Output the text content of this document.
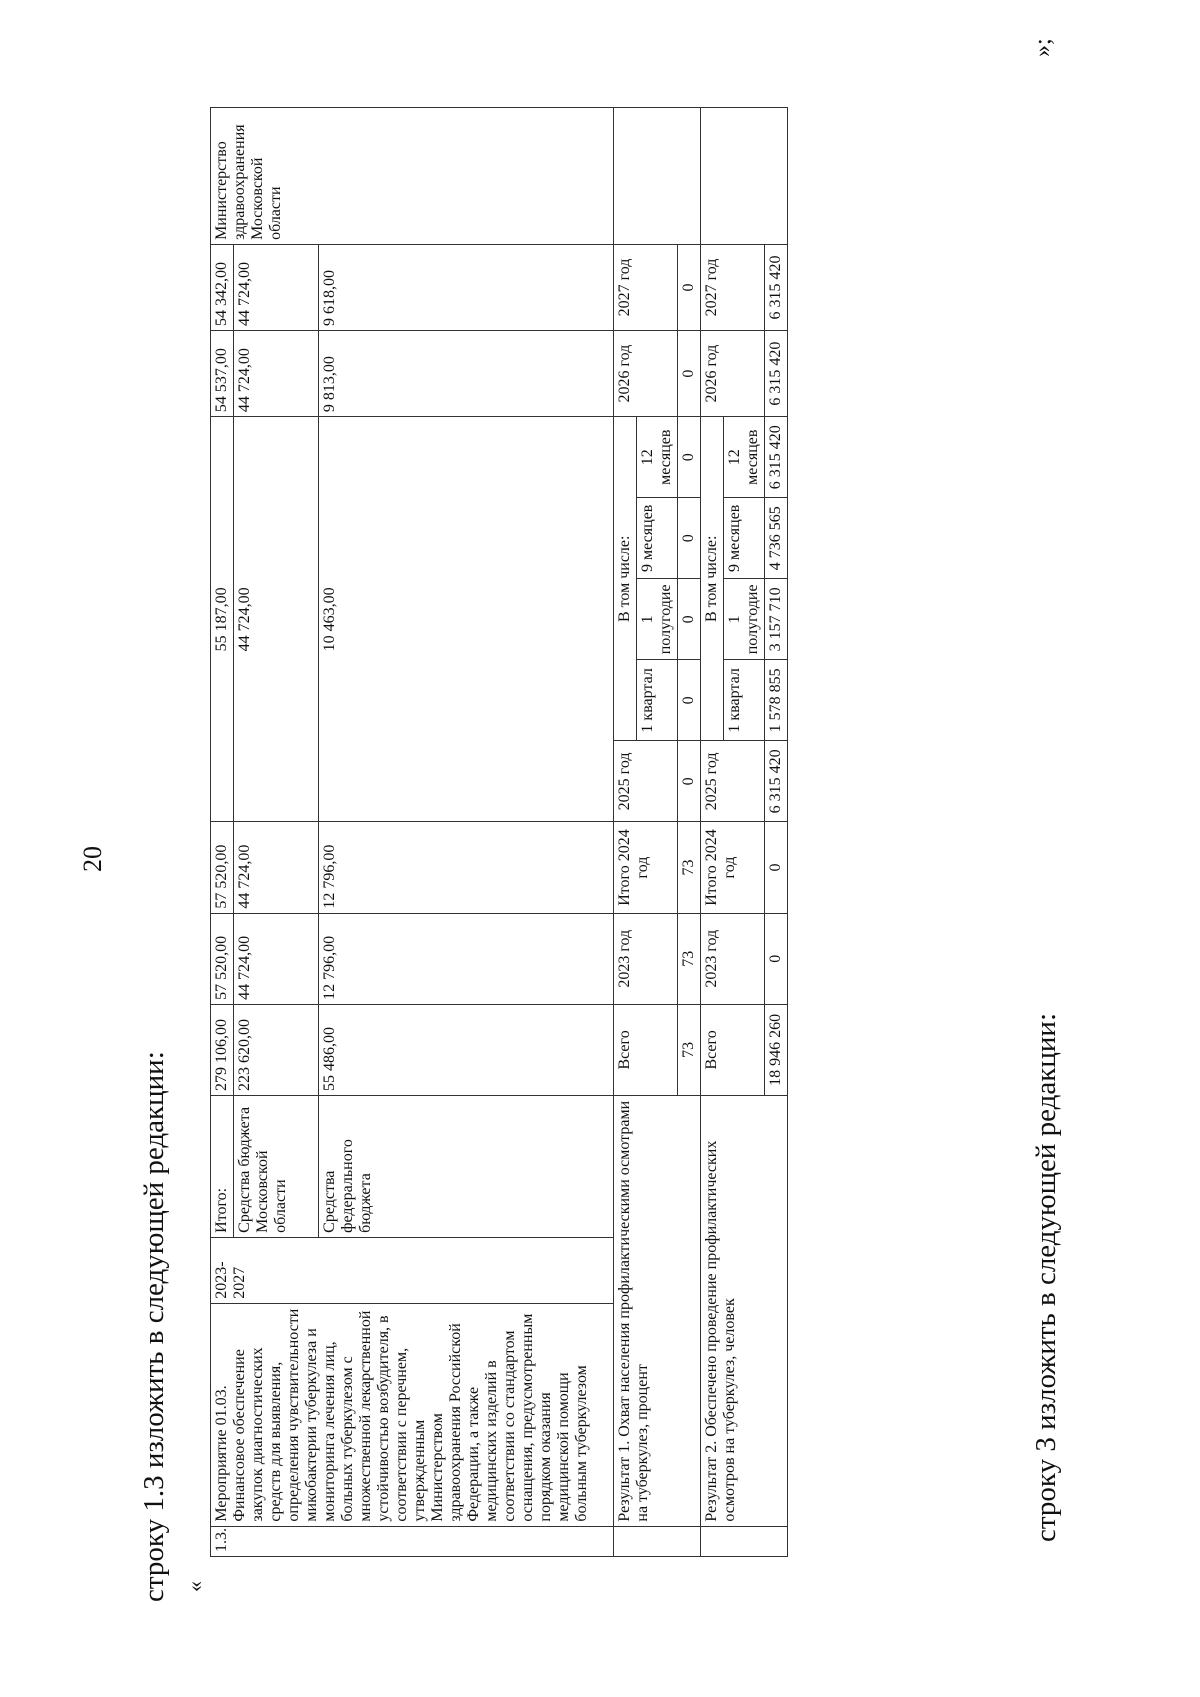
20
строку 1.3 изложить в следующей редакции: «
1.3.	Мероприятие 01.03. Финансовое обеспечение закупок диагностических средств для выявления, определения чувствительности микобактерии туберкулеза и мониторинга лечения лиц, больных туберкулезом с множественной лекарственной устойчивостью возбудителя, в соответствии с перечнем, утвержденным Министерством здравоохранения Российской Федерации, а также медицинских изделий в соответствии со стандартом оснащения, предусмотренным порядком оказания медицинской помощи больным туберкулезом	2023-2027	Итого:	279 106,00	57 520,00	57 520,00	55 187,00					54 537,00	54 342,00	Министерство здравоохранения Московской области
			Средства бюджета Московской области	223 620,00	44 724,00	44 724,00	44 724,00					44 724,00	44 724,00	
			Средства федерального бюджета	55 486,00	12 796,00	12 796,00	10 463,00					9 813,00	9 618,00	
	Результат 1. Охват населения профилактическими осмотрами на туберкулез, процент			Всего	2023 год	Итого 2024 год	2025 год	В том числе:				2026 год	2027 год	
								1 квартал	1 полугодие	9 месяцев	12 месяцев			
				73	73	73	0	0	0	0	0	0	0	
	Результат 2. Обеспечено проведение профилактических осмотров на туберкулез, человек			Всего	2023 год	Итого 2024 год	2025 год	В том числе:				2026 год	2027 год	
								1 квартал	1 полугодие	9 месяцев	12 месяцев			
				18 946 260	0	0	6 315 420	1 578 855	3 157 710	4 736 565	6 315 420	6 315 420	6 315 420	
строку 3 изложить в следующей редакции:
»;
